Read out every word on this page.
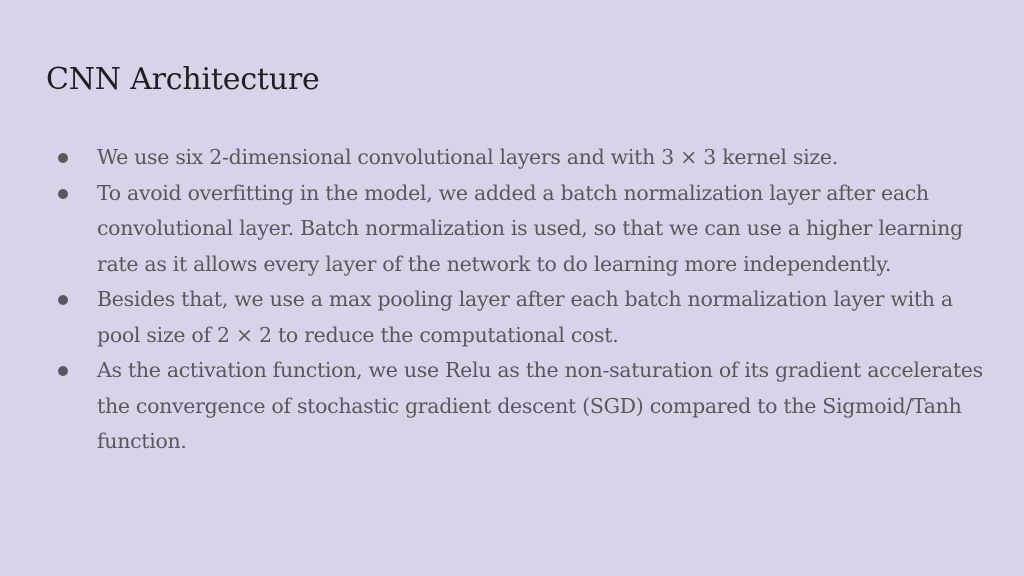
CNN Architecture
We use six 2-dimensional convolutional layers and with 3 × 3 kernel size.
To avoid overfitting in the model, we added a batch normalization layer after each convolutional layer. Batch normalization is used, so that we can use a higher learning rate as it allows every layer of the network to do learning more independently.
Besides that, we use a max pooling layer after each batch normalization layer with a pool size of 2 × 2 to reduce the computational cost.
As the activation function, we use Relu as the non-saturation of its gradient accelerates the convergence of stochastic gradient descent (SGD) compared to the Sigmoid/Tanh function.
